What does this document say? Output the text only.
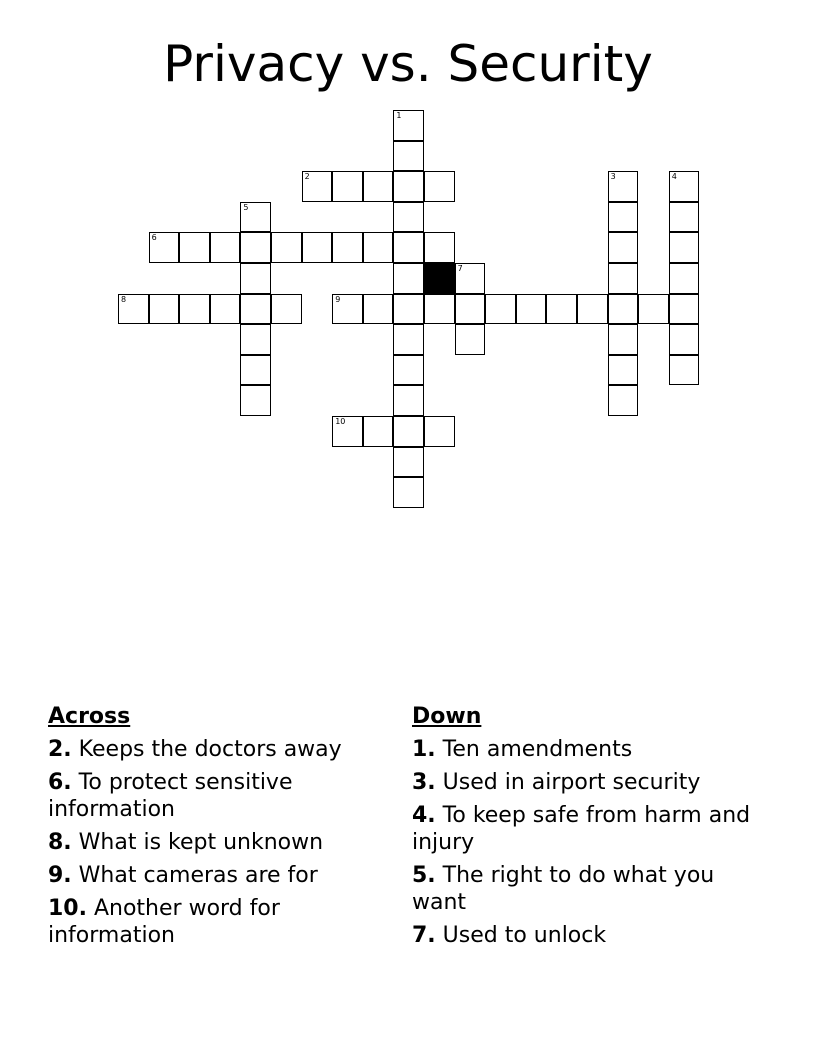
Privacy vs. Security
1
2	3	4
5
6
7
8	9
10
Across
2. Keeps the doctors away
6. To protect sensitive information
8. What is kept unknown
9. What cameras are for
10. Another word for information
Down
1. Ten amendments
3. Used in airport security
4. To keep safe from harm and injury
5. The right to do what you want
7. Used to unlock
